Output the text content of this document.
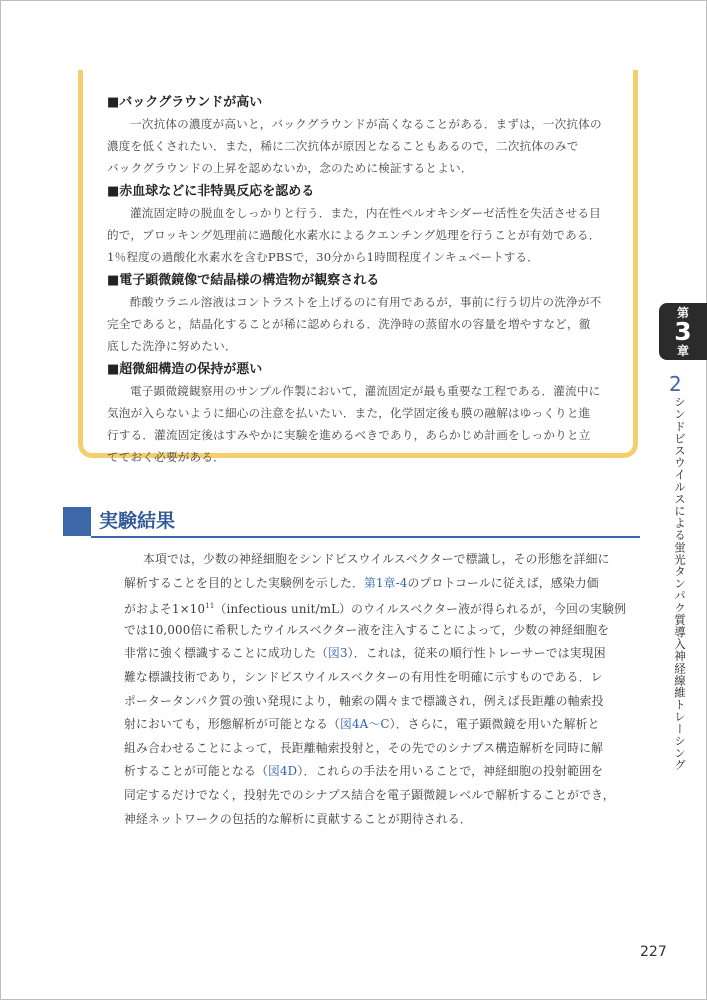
■バックグラウンドが高い
一次抗体の濃度が高いと，バックグラウンドが高くなることがある．まずは，一次抗体の
濃度を低くされたい．また，稀に二次抗体が原因となることもあるので，二次抗体のみで
バックグラウンドの上昇を認めないか，念のために検証するとよい．
■赤血球などに非特異反応を認める
灌流固定時の脱血をしっかりと行う．また，内在性ペルオキシダーゼ活性を失活させる目
的で，ブロッキング処理前に過酸化水素水によるクエンチング処理を行うことが有効である．
1％程度の過酸化水素水を含むPBSで，30分から1時間程度インキュベートする．
■電子顕微鏡像で結晶様の構造物が観察される
酢酸ウラニル溶液はコントラストを上げるのに有用であるが，事前に行う切片の洗浄が不
完全であると，結晶化することが稀に認められる．洗浄時の蒸留水の容量を増やすなど，徹
底した洗浄に努めたい．
■超微細構造の保持が悪い
電子顕微鏡観察用のサンプル作製において，灌流固定が最も重要な工程である．灌流中に
気泡が入らないように細心の注意を払いたい．また，化学固定後も膜の融解はゆっくりと進
行する．灌流固定後はすみやかに実験を進めるべきであり，あらかじめ計画をしっかりと立
てておく必要がある．
実験結果
本項では，少数の神経細胞をシンドビスウイルスベクターで標識し，その形態を詳細に
解析することを目的とした実験例を示した．第1章-4のプロトコールに従えば，感染力価
がおよそ$1\times 10^{11}(infectious$ unit/mL）のウイルスベクター液が得られるが，今回の実験例
では10,000倍に希釈したウイルスベクター液を注入することによって，少数の神経細胞を
非常に強く標識することに成功した（図3）．これは，従来の順行性トレーサーでは実現困
難な標識技術であり，シンドビスウイルスベクターの有用性を明確に示すものである．レ
ポータータンパク質の強い発現により，軸索の隅々まで標識され，例えば長距離の軸索投
射においても，形態解析が可能となる（図4A〜C）．さらに，電子顕微鏡を用いた解析と
組み合わせることによって，長距離軸索投射と，その先でのシナプス構造解析を同時に解
析することが可能となる（図4D）．これらの手法を用いることで，神経細胞の投射範囲を
同定するだけでなく，投射先でのシナプス結合を電子顕微鏡レベルで解析することができ，
神経ネットワークの包括的な解析に貢献することが期待される．
第
3
章
2
シンドビスウイルスによる蛍光タンパク質導入神経線維トレーシング
227
